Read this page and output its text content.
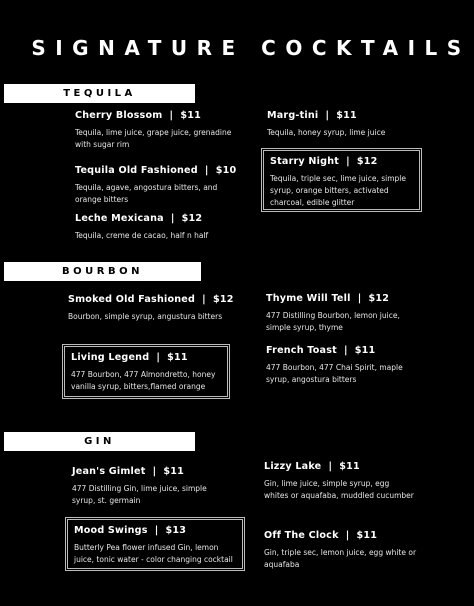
SIGNATURE COCKTAILS
TEQUILA
Cherry Blossom  |  $11
Tequila, lime juice, grape juice, grenadine with sugar rim
Marg-tini  |  $11
Tequila, honey syrup, lime juice
Tequila Old Fashioned  |  $10
Tequila, agave, angostura bitters, and orange bitters
Starry Night  |  $12
Tequila, triple sec, lime juice, simple syrup, orange bitters, activated charcoal, edible glitter
Leche Mexicana  |  $12
Tequila, creme de cacao, half n half
BOURBON
Smoked Old Fashioned  |  $12
Bourbon, simple syrup, angustura bitters
Thyme Will Tell  |  $12
477 Distilling Bourbon, lemon juice, simple syrup, thyme
Living Legend  |  $11
477 Bourbon, 477 Almondretto, honey vanilla syrup, bitters,flamed orange
French Toast  |  $11
477 Bourbon, 477 Chai Spirit, maple syrup, angostura bitters
GIN
Jean's Gimlet  |  $11
477 Distilling Gin, lime juice, simple syrup, st. germain
Lizzy Lake  |  $11
Gin, lime juice, simple syrup, egg whites or aquafaba, muddled cucumber
Mood Swings  |  $13
Butterly Pea flower infused Gin, lemon juice, tonic water - color changing cocktail
Off The Clock  |  $11
Gin, triple sec, lemon juice, egg white or aquafaba
